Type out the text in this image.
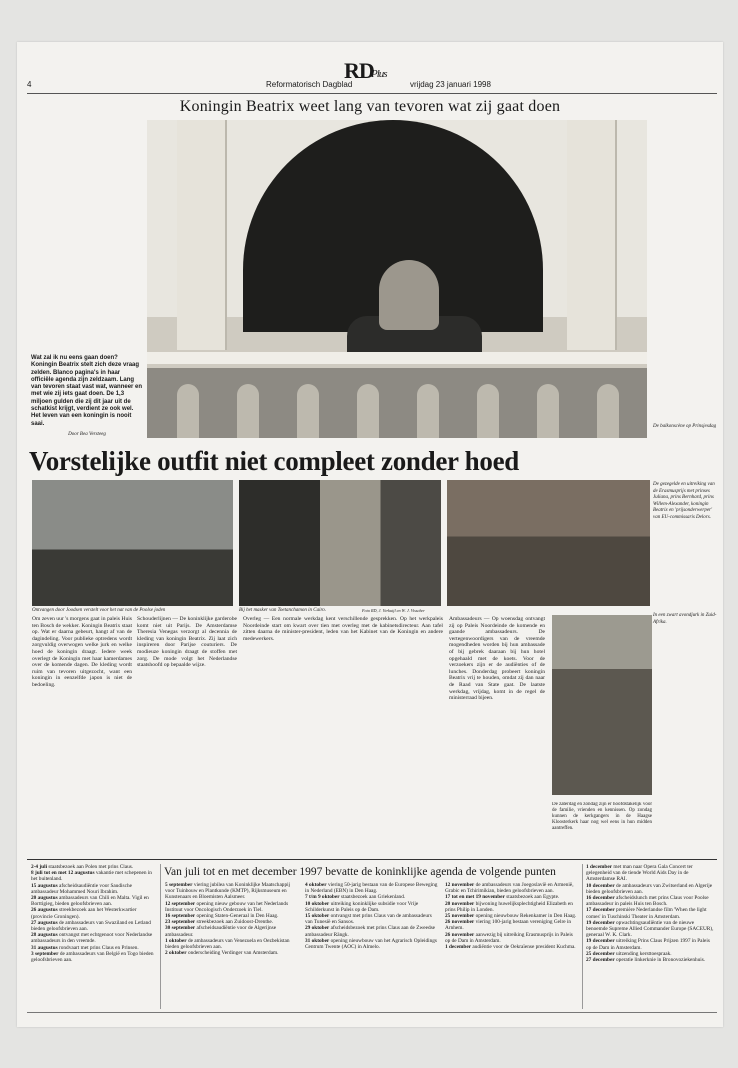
RD
Plus
4	Reformatorisch Dagblad	vrijdag 23 januari 1998
Koningin Beatrix weet lang van tevoren wat zij gaat doen
Wat zal ik nu eens gaan doen? Koningin Beatrix stelt zich deze vraag zelden. Blanco pagina's in haar officiële agenda zijn zeldzaam. Lang van tevoren staat vast wat, wanneer en met wie zij iets gaat doen. De 1,3 miljoen gulden die zij dit jaar uit de schatkist krijgt, verdient ze ook wel. Het leven van een koningin is nooit saai.
Door Bea Versteeg
De balkonscène op Prinsjesdag
Vorstelijke outfit niet compleet zonder hoed
De gezegelde en uitreiking van de Erasmusprijs met prinses Juliana, prins Bernhard, prins Willem-Alexander, koningin Beatrix en 'prijsonderwerper' van EU-commissaris Delors.
Ontvangen door Joodsen verstelt voor het nat van de Poolse joden	Bij het masker van Toetanchamon in Cairo.	Foto RD, J. Verkuijl en W. J. Visscher
Om zeven uur 's morgens gaat in paleis Huis ten Bosch de wekker. Koningin Beatrix staat op. Wat er daarna gebeurt, hangt af van de dagindeling. Voor publieke optredens wordt zorgvuldig overwogen welke jurk en welke hoed de koningin draagt. Iedere week overlegt de Koningin met haar kamerdames over de komende dagen. De kleding wordt ruim van tevoren uitgezocht, want een koningin in eenzelfde japon is niet de bedoeling.
Schouderlijnen — De koninklijke garderobe komt niet uit Parijs. De Amsterdamse Theresia Venegas verzorgt al decennia de kleding van koningin Beatrix. Zij laat zich inspireren door Parijse couturiers. De modieuze koningin draagt de stoffen met zorg. De mode volgt het Nederlandse staatshoofd op bepaalde wijze.
Overleg — Een normale werkdag kent verschillende gesprekken. Op het werkpaleis Noordeinde start om kwart over tien met overleg met de kabinetsdirecteur. Aan tafel zitten daarna de minister-president, leden van het Kabinet van de Koningin en andere medewerkers.
Ambassadeurs — Op woensdag ontvangt zij op Paleis Noordeinde de komende en gaande ambassadeurs. De vertegenwoordigers van de vreemde mogendheden worden bij hun ambassade of bij gebrek daaraan bij hun hotel opgehaald met de koets. Voor de verzoekers zijn er de audiënties of de lunches. Donderdag probeert koningin Beatrix vrij te houden, omdat zij dan naar de Raad van State gaat. De laatste werkdag, vrijdag, komt in de regel de ministerraad bijeen.
In een zwart avondjurk in Zuid-Afrika.
De zaterdag en zondag zijn er hoofdstakelijk voor de familie, vrienden en kennissen. Op zondag kunnen de kerkgangers in de Haagse Kloosterkerk haar nog wel eens in hun midden aantreffen.
Van juli tot en met december 1997 bevatte de koninklijke agenda de volgende punten
2-4 juli staatsbezoek aan Polen met prins Claus.
8 juli tot en met 12 augustus vakantie met schepenen in het buitenland.
15 augustus afscheidsaudiëntie voor Saudische ambassadeur Mohammed Nouri Ibrahim.
20 augustus ambassadeurs van Chili en Malta. Vigil en Borttigieg, bieden geloofsbrieven aan.
26 augustus streekbezoek aan het Westerkwartier (provincie Groningen).
27 augustus de ambassadeurs van Swaziland en Letland bieden geloofsbrieven aan.
28 augustus ontvangst met echtgenoot voor Nederlandse ambassadeurs in den vreemde.
31 augustus rondvaart met prins Claus en Prinsen.
3 september de ambassadeurs van België en Togo bieden geloofsbrieven aan.
5 september viering jubilea van Koninklijke Maatschappij voor Tuinbouw en Plantkunde (KMTP), Rijksmuseum en Kunstenaars en Bloemisten Aalsmeer.
12 september opening nieuw gebouw van het Nederlands Instituut voor Oncologisch Onderzoek in Tiel.
16 september opening Staten-Generaal in Den Haag.
23 september streekbezoek aan Zuidoost-Drenthe.
30 september afscheidsaudiëntie voor de Algerijnse ambassadeur.
1 oktober de ambassadeurs van Venezuela en Oezbekistan bieden geloofsbrieven aan.
2 oktober onderscheiding Verdinger van Amsterdam.
4 oktober viering 50-jarig bestaan van de Europese Beweging in Nederland (EBN) in Den Haag.
7 t/m 9 oktober staatsbezoek aan Griekenland.
10 oktober uitreiking koninklijke subsidie voor Vrije Schilderkunst in Paleis op de Dam.
15 oktober ontvangst met prins Claus van de ambassadeurs van Tunesië en Sansos.
29 oktober afscheidsbezoek met prins Claus aan de Zweedse ambassadeur Rängk.
31 oktober opening nieuwbouw van het Agrarisch Opleidings Centrum Twente (AOC) in Almelo.
12 november de ambassadeurs van Joegoslavië en Armenië, Grabic en Tchirimikian, bieden geloofsbrieven aan.
17 tot en met 19 november staatsbezoek aan Egypte.
20 november bijwoning huwelijksplechtigheid Elizabeth en prins Philip in Londen.
25 november opening nieuwbouw Rekenkamer in Den Haag.
26 november viering 100-jarig bestaan vereniging Gelre in Arnhem.
26 november aanwezig bij uitreiking Erasmusprijs in Paleis op de Dam in Amsterdam.
1 december audiëntie voor de Oekraïense president Kuchma.
1 december met man naar Opera Gala Concert ter gelegenheid van de tiende World Aids Day in de Amsterdamse RAI.
10 december de ambassadeurs van Zwitserland en Algerije bieden geloofsbrieven aan.
16 december afscheidslunch met prins Claus voor Poolse ambassadeur in paleis Huis ten Bosch.
17 december première Nederlandse film 'When the light comes' in Tuschinski Theater in Amsterdam.
19 december opwachtingsaudiëntie van de nieuwe benoemde Supreme Allied Commander Europe (SACEUR), generaal W. K. Clark.
19 december uitreiking Prins Claus Prijzen 1997 in Paleis op de Dam in Amsterdam.
25 december uitzending kersttoespraak.
27 december operatie linkerknie in Bronovoziekenhuis.
